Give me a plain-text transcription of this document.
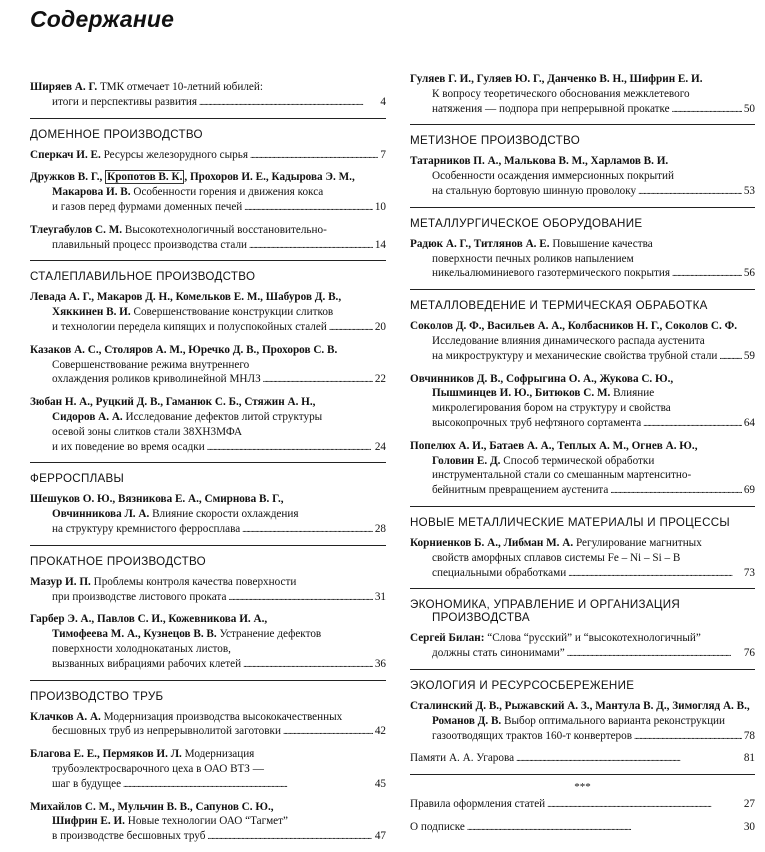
Содержание
Ширяев А. Г. ТМК отмечает 10-летний юбилей:
итоги и перспективы развития . . .	4
ДОМЕННОЕ ПРОИЗВОДСТВО
Сперкач И. Е. Ресурсы железорудного сырья . . .	7
Дружков В. Г., Кропотов В. К. , Прохоров И. Е., Кадырова Э. М.,
Макарова И. В. Особенности горения и движения кокса
и газов перед фурмами доменных печей . . .	10
Тлеугабулов С. М. Высокотехнологичный восстановительно-
плавильный процесс производства стали . . .	14
СТАЛЕПЛАВИЛЬНОЕ ПРОИЗВОДСТВО
Левада А. Г., Макаров Д. Н., Комельков Е. М., Шабуров Д. В.,
Хяккинен В. И. Совершенствование конструкции слитков
и технологии передела кипящих и полуспокойных сталей . . .	20
Казаков А. С., Столяров А. М., Юречко Д. В., Прохоров С. В.
Совершенствование режима внутреннего
охлаждения роликов криволинейной МНЛЗ . . .	22
Зюбан Н. А., Руцкий Д. В., Гаманюк С. Б., Стяжин А. Н.,
Сидоров А. А. Исследование дефектов литой структуры
осевой зоны слитков стали 38ХН3МФА
и их поведение во время осадки . . .	24
ФЕРРОСПЛАВЫ
Шешуков О. Ю., Вязникова Е. А., Смирнова В. Г.,
Овчинникова Л. А. Влияние скорости охлаждения
на структуру кремнистого ферросплава . . .	28
ПРОКАТНОЕ ПРОИЗВОДСТВО
Мазур И. П. Проблемы контроля качества поверхности
при производстве листового проката . . .	31
Гарбер Э. А., Павлов С. И., Кожевникова И. А.,
Тимофеева М. А., Кузнецов В. В. Устранение дефектов
поверхности холоднокатаных листов,
вызванных вибрациями рабочих клетей . . .	36
ПРОИЗВОДСТВО ТРУБ
Клачков А. А. Модернизация производства высококачественных
бесшовных труб из непрерывнолитой заготовки . . .	42
Благова Е. Е., Пермяков И. Л. Модернизация
трубоэлектросварочного цеха в ОАО ВТЗ —
шаг в будущее . . .	45
Михайлов С. М., Мульчин В. В., Сапунов С. Ю.,
Шифрин Е. И. Новые технологии ОАО “Тагмет”
в производстве бесшовных труб . . .	47
Гуляев Г. И., Гуляев Ю. Г., Данченко В. Н., Шифрин Е. И.
К вопросу теоретического обоснования межклетевого
натяжения — подпора при непрерывной прокатке . . .	50
МЕТИЗНОЕ ПРОИЗВОДСТВО
Татарников П. А., Малькова В. М., Харламов В. И.
Особенности осаждения иммерсионных покрытий
на стальную бортовую шинную проволоку . . .	53
МЕТАЛЛУРГИЧЕСКОЕ ОБОРУДОВАНИЕ
Радюк А. Г., Титлянов А. Е. Повышение качества
поверхности печных роликов напылением
никельалюминиевого газотермического покрытия . . .	56
МЕТАЛЛОВЕДЕНИЕ И ТЕРМИЧЕСКАЯ ОБРАБОТКА
Соколов Д. Ф., Васильев А. А., Колбасников Н. Г., Соколов С. Ф.
Исследование влияния динамического распада аустенита
на микроструктуру и механические свойства трубной стали . . . 59
Овчинников Д. В., Софрыгина О. А., Жукова С. Ю.,
Пышминцев И. Ю., Битюков С. М. Влияние
микролегирования бором на структуру и свойства
высокопрочных труб нефтяного сортамента . . .	64
Попелюх А. И., Батаев А. А., Теплых А. М., Огнев А. Ю.,
Головин Е. Д. Способ термической обработки
инструментальной стали со смешанным мартенситно-
бейнитным превращением аустенита . . .	69
НОВЫЕ МЕТАЛЛИЧЕСКИЕ МАТЕРИАЛЫ И ПРОЦЕССЫ
Корниенков Б. А., Либман М. А. Регулирование магнитных
свойств аморфных сплавов системы Fe – Ni – Si – B
специальными обработками . . .	73
ЭКОНОМИКА, УПРАВЛЕНИЕ И ОРГАНИЗАЦИЯ
ПРОИЗВОДСТВА
Сергей Билан: “Слова “русский” и “высокотехнологичный”
должны стать синонимами” . . .	76
ЭКОЛОГИЯ И РЕСУРСОСБЕРЕЖЕНИЕ
Сталинский Д. В., Рыжавский А. З., Мантула В. Д., Зимогляд А. В.,
Романов Д. В. Выбор оптимального варианта реконструкции
газоотводящих трактов 160-т конвертеров . . .	78
Памяти А. А. Угарова . . .	81
***
Правила оформления статей . . .	27
О подписке . . .	30
